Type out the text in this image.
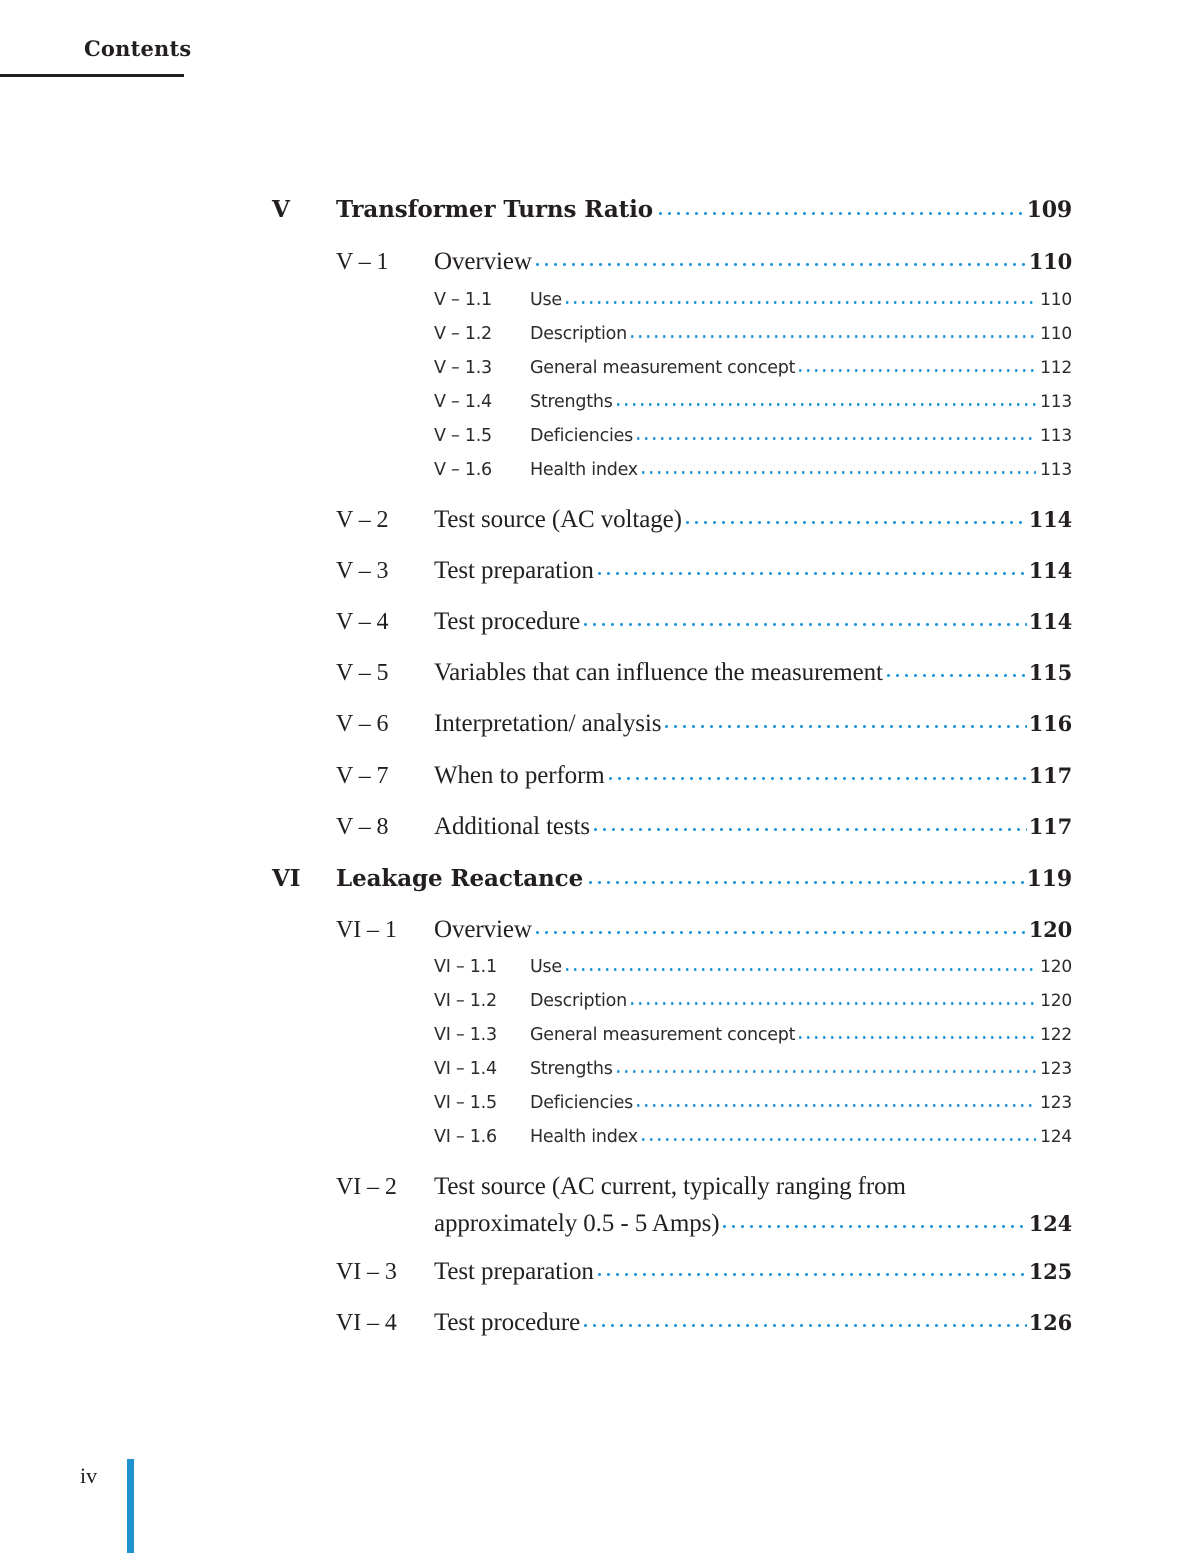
Contents
V	Transformer Turns Ratio	109
V – 1	Overview	110
V – 1.1	Use	110
V – 1.2	Description	110
V – 1.3	General measurement concept	112
V – 1.4	Strengths	113
V – 1.5	Deficiencies	113
V – 1.6	Health index	113
V – 2	Test source (AC voltage)	114
V – 3	Test preparation	114
V – 4	Test procedure	114
V – 5	Variables that can influence the measurement	115
V – 6	Interpretation/ analysis	116
V – 7	When to perform	117
V – 8	Additional tests	117
VI	Leakage Reactance	119
VI – 1	Overview	120
VI – 1.1	Use	120
VI – 1.2	Description	120
VI – 1.3	General measurement concept	122
VI – 1.4	Strengths	123
VI – 1.5	Deficiencies	123
VI – 1.6	Health index	124
VI – 2	Test source (AC current, typically ranging from
approximately 0.5 - 5 Amps)	124
VI – 3	Test preparation	125
VI – 4	Test procedure	126
iv
